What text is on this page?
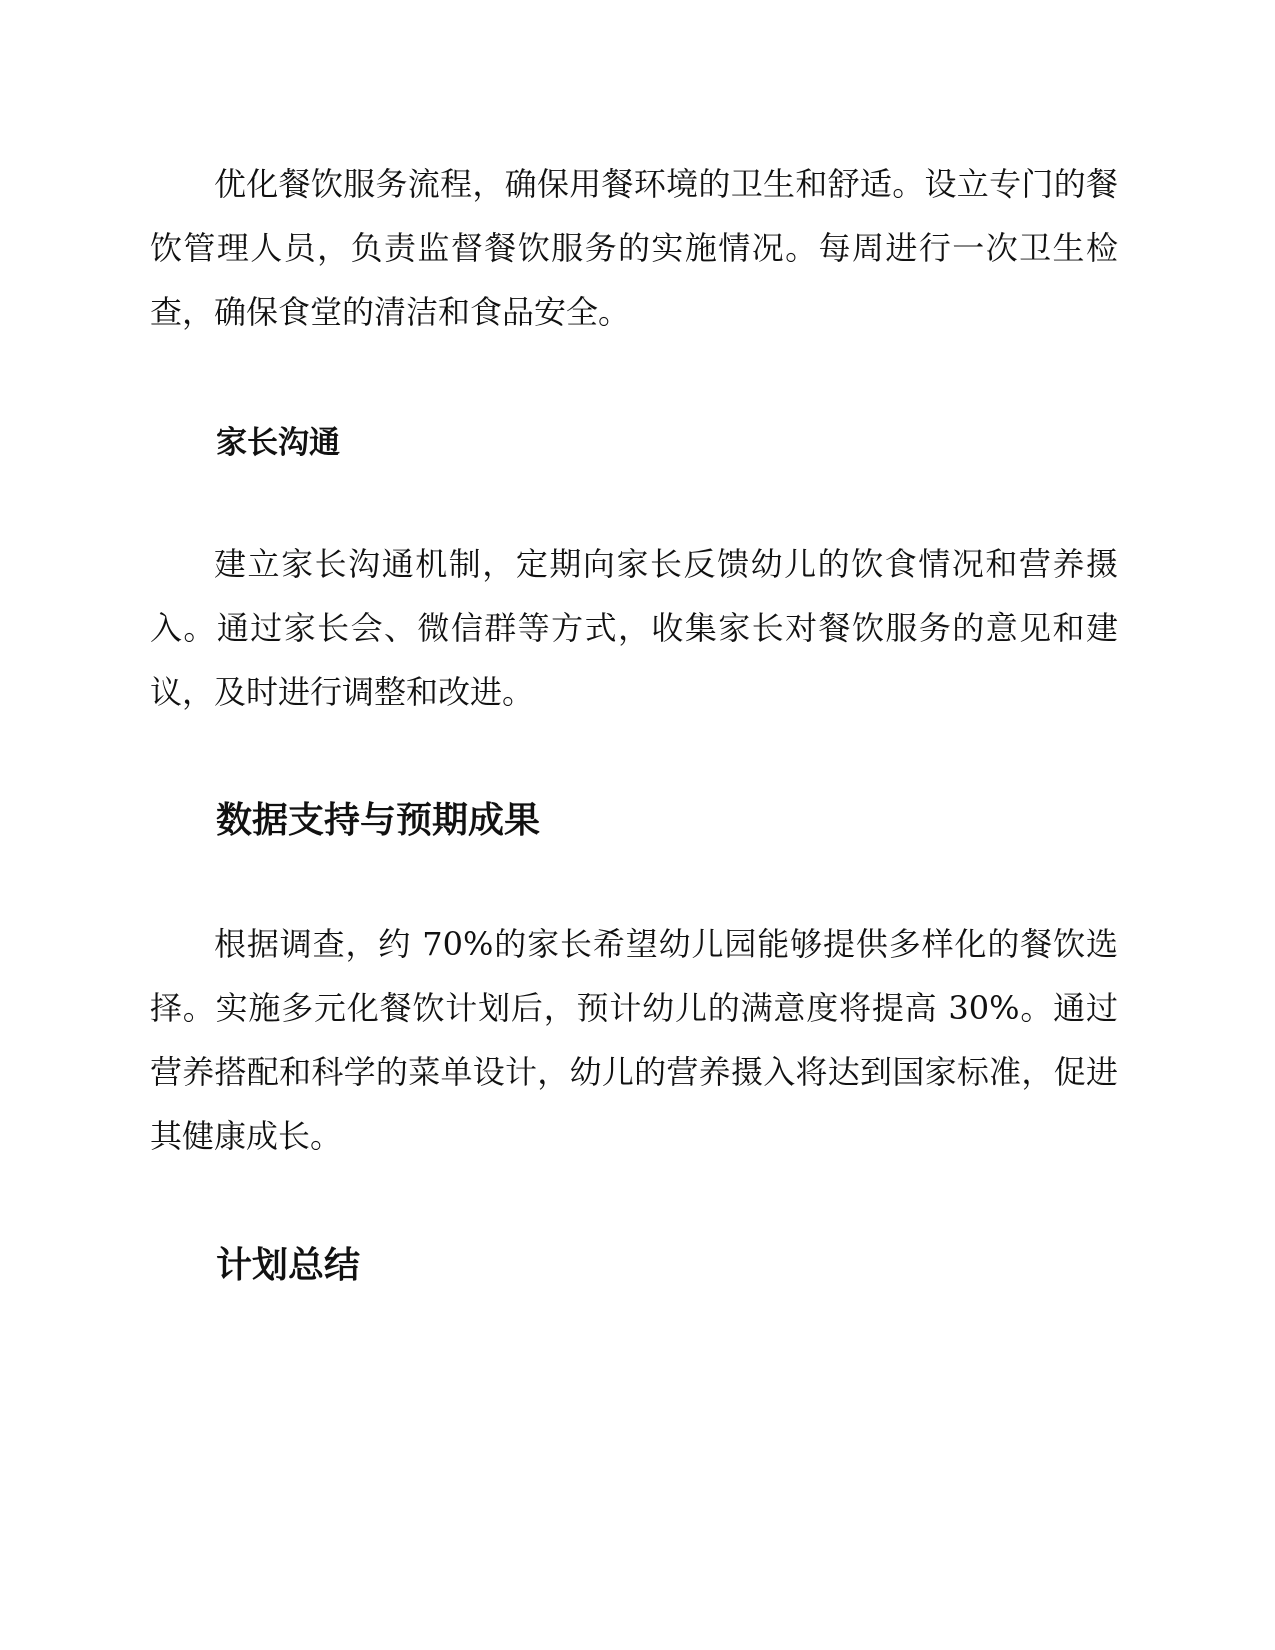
优化餐饮服务流程，确保用餐环境的卫生和舒适。设立专门的餐饮管理人员，负责监督餐饮服务的实施情况。每周进行一次卫生检查，确保食堂的清洁和食品安全。

家长沟通

建立家长沟通机制，定期向家长反馈幼儿的饮食情况和营养摄入。通过家长会、微信群等方式，收集家长对餐饮服务的意见和建议，及时进行调整和改进。

数据支持与预期成果

根据调查，约 70%的家长希望幼儿园能够提供多样化的餐饮选择。实施多元化餐饮计划后，预计幼儿的满意度将提高 30%。通过营养搭配和科学的菜单设计，幼儿的营养摄入将达到国家标准，促进其健康成长。

计划总结
